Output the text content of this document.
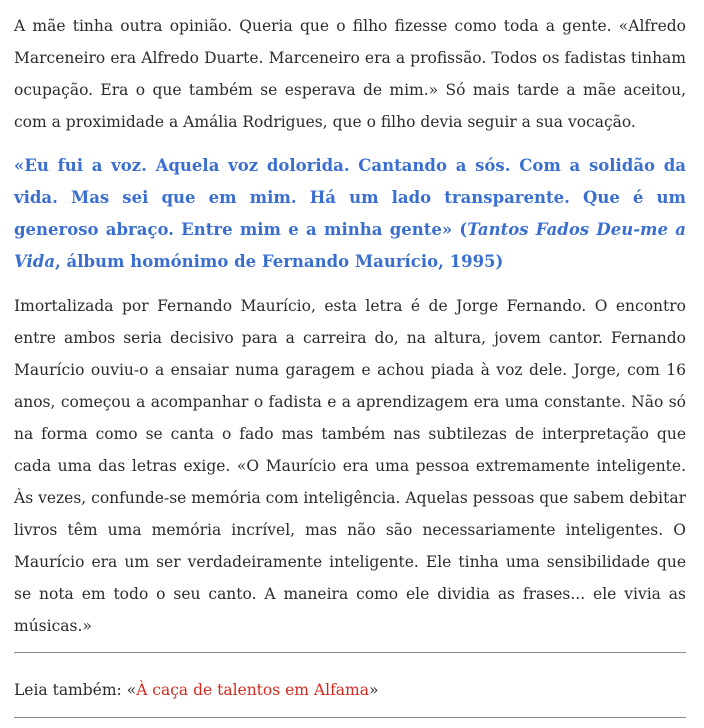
A mãe tinha outra opinião. Queria que o filho fizesse como toda a gente. «Alfredo Marceneiro era Alfredo Duarte. Marceneiro era a profissão. Todos os fadistas tinham ocupação. Era o que também se esperava de mim.» Só mais tarde a mãe aceitou, com a proximidade a Amália Rodrigues, que o filho devia seguir a sua vocação.

«Eu fui a voz. Aquela voz dolorida. Cantando a sós. Com a solidão da vida. Mas sei que em mim. Há um lado transparente. Que é um generoso abraço. Entre mim e a minha gente» (Tantos Fados Deu-me a Vida, álbum homónimo de Fernando Maurício, 1995)

Imortalizada por Fernando Maurício, esta letra é de Jorge Fernando. O encontro entre ambos seria decisivo para a carreira do, na altura, jovem cantor. Fernando Maurício ouviu-o a ensaiar numa garagem e achou piada à voz dele. Jorge, com 16 anos, começou a acompanhar o fadista e a aprendizagem era uma constante. Não só na forma como se canta o fado mas também nas subtilezas de interpretação que cada uma das letras exige. «O Maurício era uma pessoa extremamente inteligente. Às vezes, confunde-se memória com inteligência. Aquelas pessoas que sabem debitar livros têm uma memória incrível, mas não são necessariamente inteligentes. O Maurício era um ser verdadeiramente inteligente. Ele tinha uma sensibilidade que se nota em todo o seu canto. A maneira como ele dividia as frases... ele vivia as músicas.»

Leia também: «À caça de talentos em Alfama»
